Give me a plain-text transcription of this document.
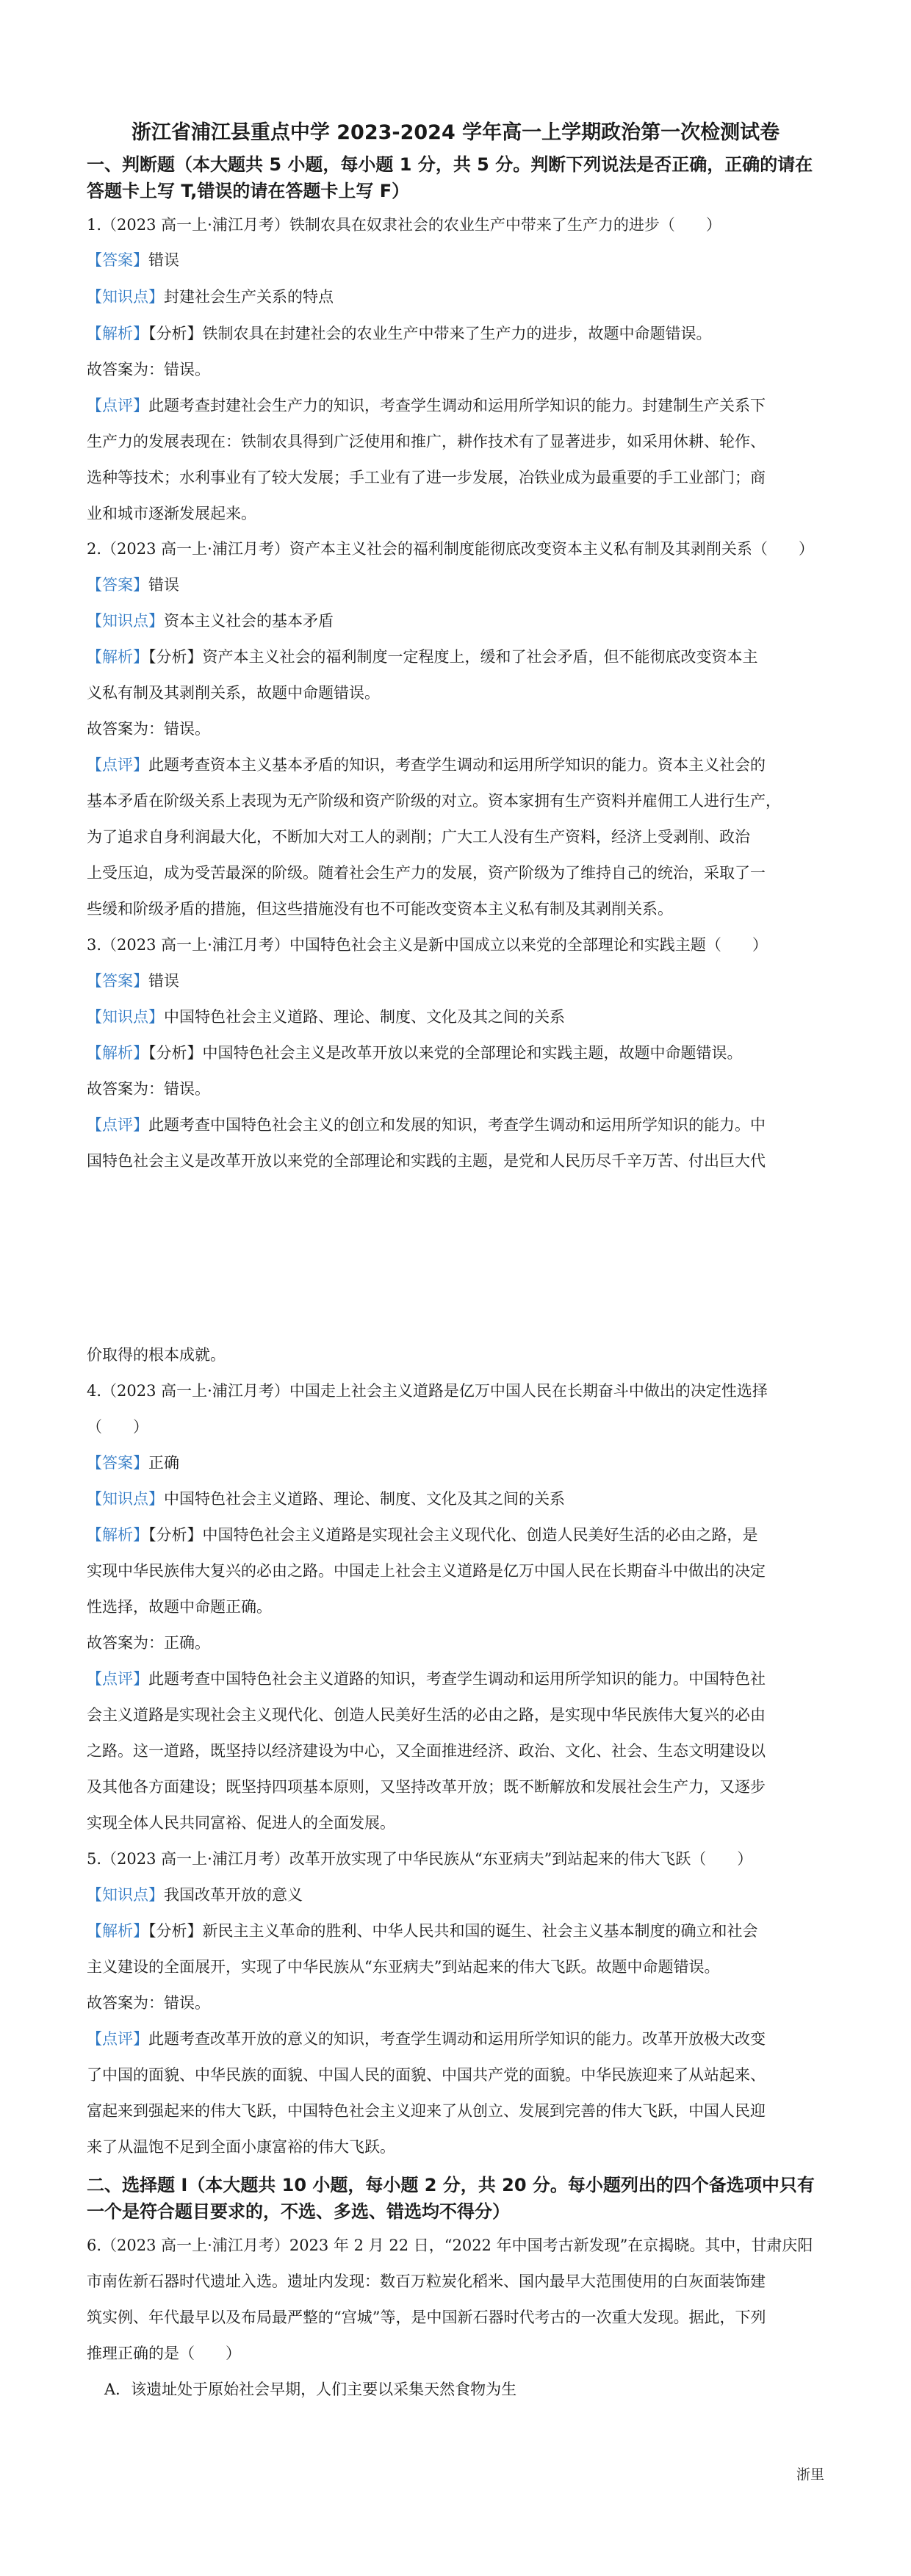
浙江省浦江县重点中学 2023-2024 学年高一上学期政治第一次检测试卷
一、判断题（本大题共 5 小题，每小题 1 分，共 5 分。判断下列说法是否正确，正确的请在
答题卡上写 T,错误的请在答题卡上写 F）
1.（2023 高一上·浦江月考）铁制农具在奴隶社会的农业生产中带来了生产力的进步（　　）
【答案】错误
【知识点】封建社会生产关系的特点
【解析】【分析】铁制农具在封建社会的农业生产中带来了生产力的进步，故题中命题错误。
故答案为：错误。
【点评】此题考查封建社会生产力的知识，考查学生调动和运用所学知识的能力。封建制生产关系下
生产力的发展表现在：铁制农具得到广泛使用和推广，耕作技术有了显著进步，如采用休耕、轮作、
选种等技术；水利事业有了较大发展；手工业有了进一步发展，冶铁业成为最重要的手工业部门；商
业和城市逐渐发展起来。
2.（2023 高一上·浦江月考）资产本主义社会的福利制度能彻底改变资本主义私有制及其剥削关系（　　）
【答案】错误
【知识点】资本主义社会的基本矛盾
【解析】【分析】资产本主义社会的福利制度一定程度上，缓和了社会矛盾，但不能彻底改变资本主
义私有制及其剥削关系，故题中命题错误。
故答案为：错误。
【点评】此题考查资本主义基本矛盾的知识，考查学生调动和运用所学知识的能力。资本主义社会的
基本矛盾在阶级关系上表现为无产阶级和资产阶级的对立。资本家拥有生产资料并雇佣工人进行生产，
为了追求自身利润最大化，不断加大对工人的剥削；广大工人没有生产资料，经济上受剥削、政治
上受压迫，成为受苦最深的阶级。随着社会生产力的发展，资产阶级为了维持自己的统治，采取了一
些缓和阶级矛盾的措施，但这些措施没有也不可能改变资本主义私有制及其剥削关系。
3.（2023 高一上·浦江月考）中国特色社会主义是新中国成立以来党的全部理论和实践主题（　　）
【答案】错误
【知识点】中国特色社会主义道路、理论、制度、文化及其之间的关系
【解析】【分析】中国特色社会主义是改革开放以来党的全部理论和实践主题，故题中命题错误。
故答案为：错误。
【点评】此题考查中国特色社会主义的创立和发展的知识，考查学生调动和运用所学知识的能力。中
国特色社会主义是改革开放以来党的全部理论和实践的主题，是党和人民历尽千辛万苦、付出巨大代
价取得的根本成就。
4.（2023 高一上·浦江月考）中国走上社会主义道路是亿万中国人民在长期奋斗中做出的决定性选择
（　　）
【答案】正确
【知识点】中国特色社会主义道路、理论、制度、文化及其之间的关系
【解析】【分析】中国特色社会主义道路是实现社会主义现代化、创造人民美好生活的必由之路，是
实现中华民族伟大复兴的必由之路。中国走上社会主义道路是亿万中国人民在长期奋斗中做出的决定
性选择，故题中命题正确。
故答案为：正确。
【点评】此题考查中国特色社会主义道路的知识，考查学生调动和运用所学知识的能力。中国特色社
会主义道路是实现社会主义现代化、创造人民美好生活的必由之路，是实现中华民族伟大复兴的必由
之路。这一道路，既坚持以经济建设为中心，又全面推进经济、政治、文化、社会、生态文明建设以
及其他各方面建设；既坚持四项基本原则，又坚持改革开放；既不断解放和发展社会生产力，又逐步
实现全体人民共同富裕、促进人的全面发展。
5.（2023 高一上·浦江月考）改革开放实现了中华民族从“东亚病夫”到站起来的伟大飞跃（　　）
【知识点】我国改革开放的意义
【解析】【分析】新民主主义革命的胜利、中华人民共和国的诞生、社会主义基本制度的确立和社会
主义建设的全面展开，实现了中华民族从“东亚病夫”到站起来的伟大飞跃。故题中命题错误。
故答案为：错误。
【点评】此题考查改革开放的意义的知识，考查学生调动和运用所学知识的能力。改革开放极大改变
了中国的面貌、中华民族的面貌、中国人民的面貌、中国共产党的面貌。中华民族迎来了从站起来、
富起来到强起来的伟大飞跃，中国特色社会主义迎来了从创立、发展到完善的伟大飞跃，中国人民迎
来了从温饱不足到全面小康富裕的伟大飞跃。
二、选择题 Ⅰ（本大题共 10 小题，每小题 2 分，共 20 分。每小题列出的四个备选项中只有
一个是符合题目要求的，不选、多选、错选均不得分）
6.（2023 高一上·浦江月考）2023 年 2 月 22 日，“2022 年中国考古新发现”在京揭晓。其中，甘肃庆阳
市南佐新石器时代遗址入选。遗址内发现：数百万粒炭化稻米、国内最早大范围使用的白灰面装饰建
筑实例、年代最早以及布局最严整的“宫城”等，是中国新石器时代考古的一次重大发现。据此，下列
推理正确的是（　　）
A．该遗址处于原始社会早期，人们主要以采集天然食物为生
浙里
